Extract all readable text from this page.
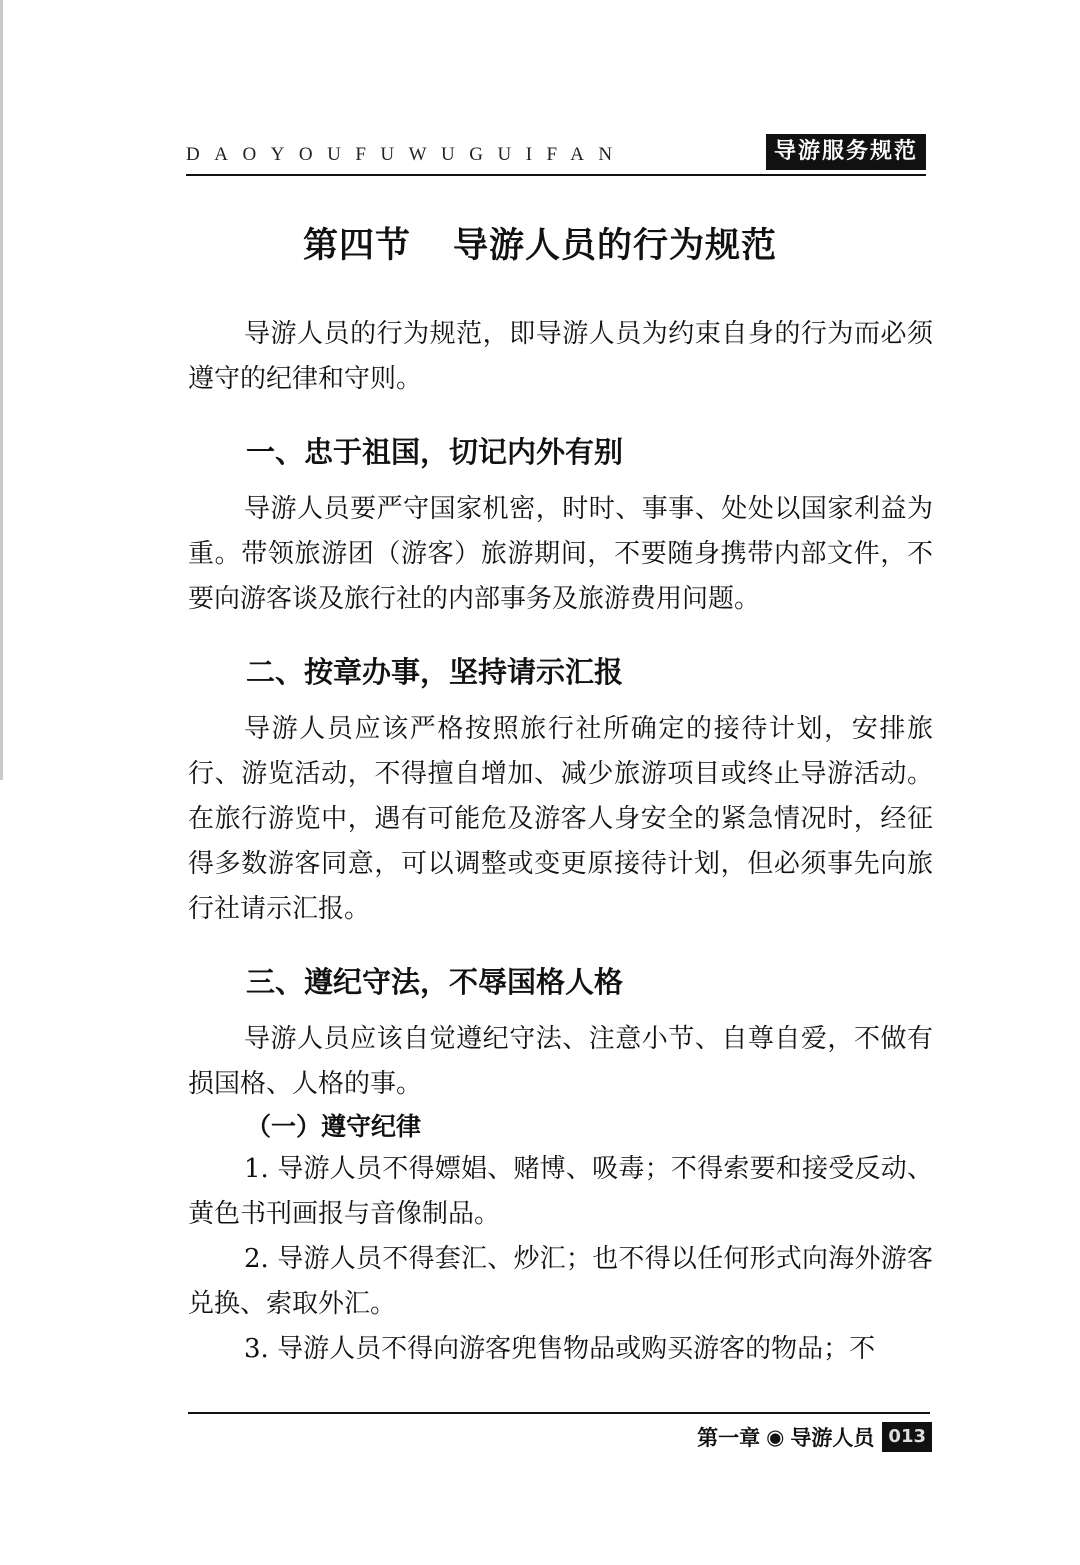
DAOYOUFUWUGUIFAN	导游服务规范
第四节 导游人员的行为规范

导游人员的行为规范，即导游人员为约束自身的行为而必须遵守的纪律和守则。

一、忠于祖国，切记内外有别

导游人员要严守国家机密，时时、事事、处处以国家利益为重。带领旅游团（游客）旅游期间，不要随身携带内部文件，不要向游客谈及旅行社的内部事务及旅游费用问题。

二、按章办事，坚持请示汇报

导游人员应该严格按照旅行社所确定的接待计划，安排旅行、游览活动，不得擅自增加、减少旅游项目或终止导游活动。在旅行游览中，遇有可能危及游客人身安全的紧急情况时，经征得多数游客同意，可以调整或变更原接待计划，但必须事先向旅行社请示汇报。

三、遵纪守法，不辱国格人格

导游人员应该自觉遵纪守法、注意小节、自尊自爱，不做有损国格、人格的事。

（一）遵守纪律

1. 导游人员不得嫖娼、赌博、吸毒；不得索要和接受反动、黄色书刊画报与音像制品。

2. 导游人员不得套汇、炒汇；也不得以任何形式向海外游客兑换、索取外汇。

3. 导游人员不得向游客兜售物品或购买游客的物品；不

第一章 ◉ 导游人员 013
